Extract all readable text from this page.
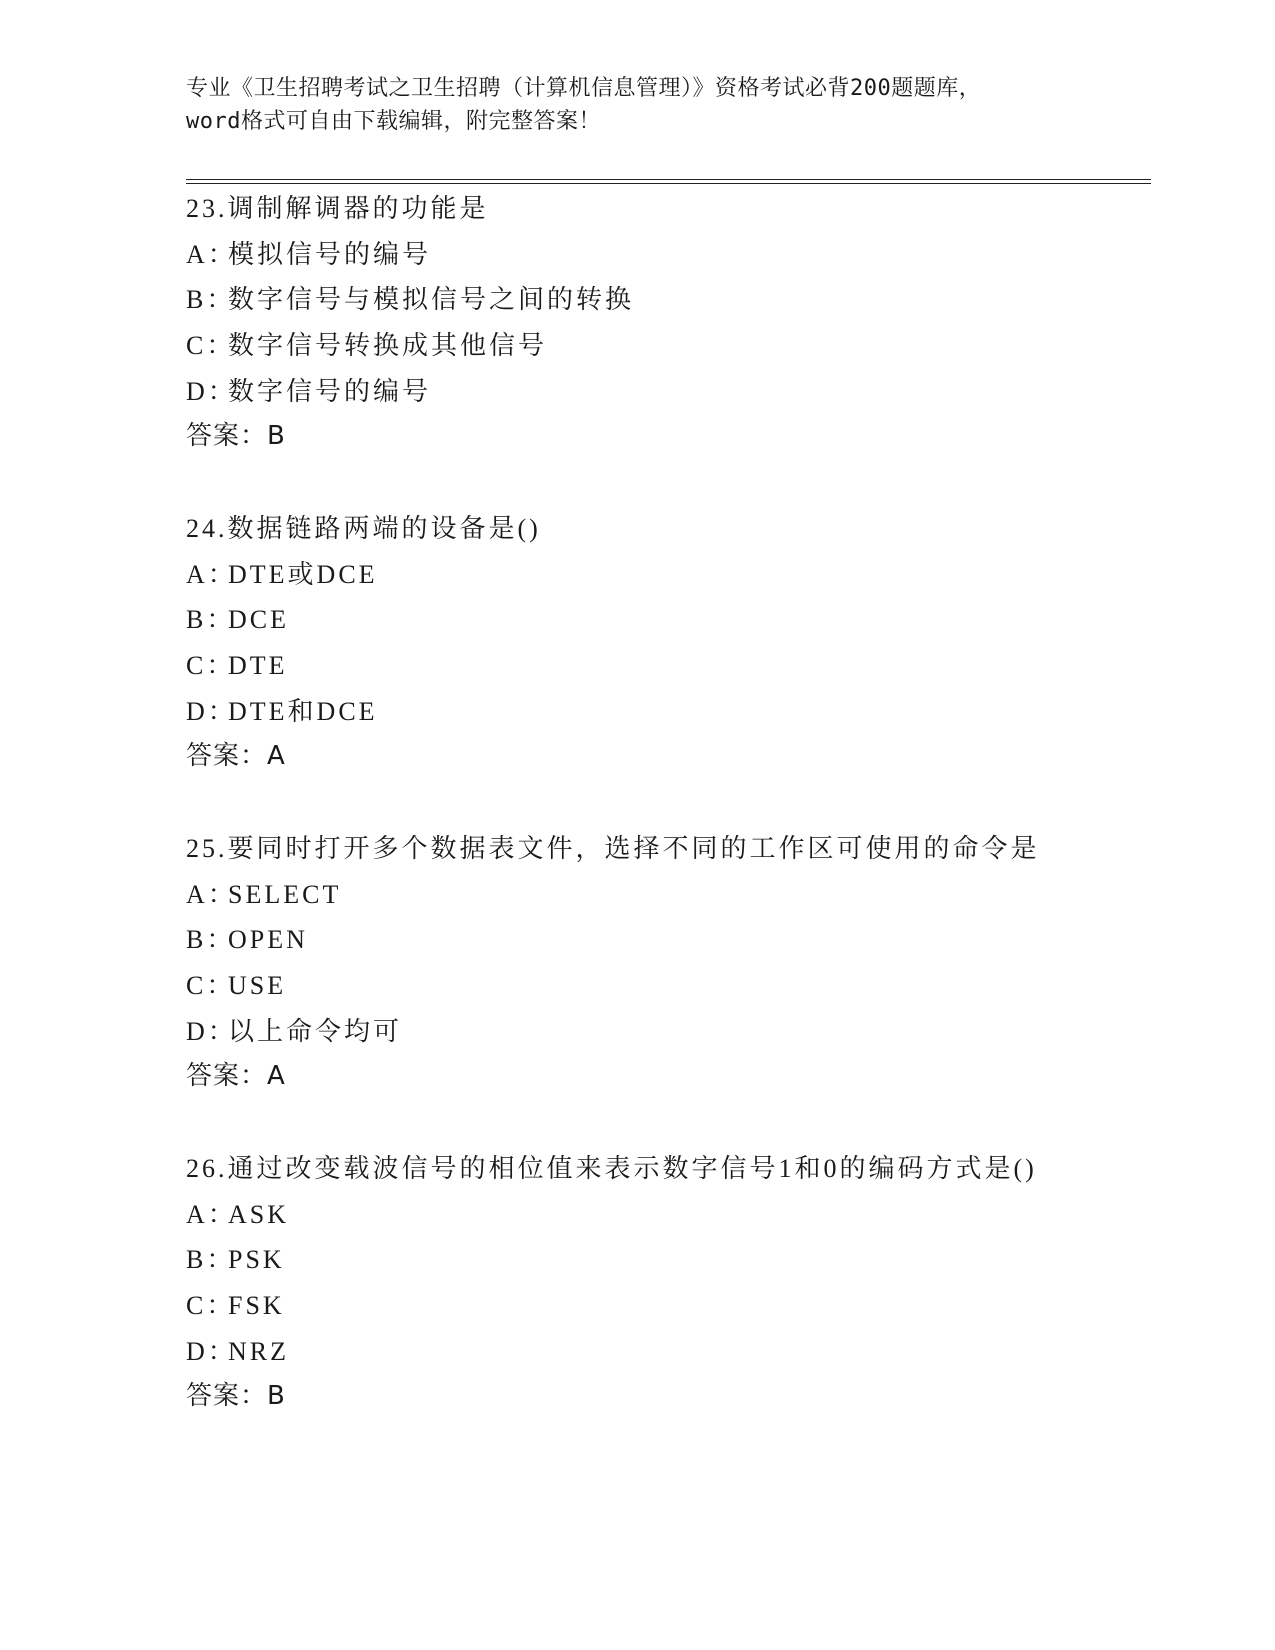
专业《卫生招聘考试之卫生招聘（计算机信息管理）》资格考试必背200题题库，
word格式可自由下载编辑，附完整答案！
23.调制解调器的功能是
A：模拟信号的编号
B：数字信号与模拟信号之间的转换
C：数字信号转换成其他信号
D：数字信号的编号
答案：B
24.数据链路两端的设备是()
A：DTE或DCE
B：DCE
C：DTE
D：DTE和DCE
答案：A
25.要同时打开多个数据表文件，选择不同的工作区可使用的命令是
A：SELECT
B：OPEN
C：USE
D：以上命令均可
答案：A
26.通过改变载波信号的相位值来表示数字信号1和0的编码方式是()
A：ASK
B：PSK
C：FSK
D：NRZ
答案：B
